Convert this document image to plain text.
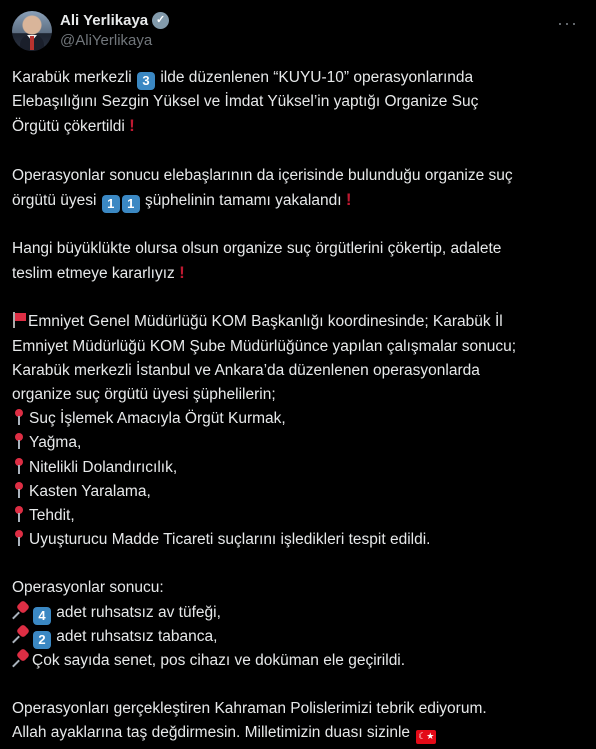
Ali Yerlikaya ✓
@AliYerlikaya
···

Karabük merkezli 3 ilde düzenlenen “KUYU-10” operasyonlarında
Elebaşılığını Sezgin Yüksel ve İmdat Yüksel’in yaptığı Organize Suç
Örgütü çökertildi !

Operasyonlar sonucu elebaşlarının da içerisinde bulunduğu organize suç
örgütü üyesi 1 1 şüphelinin tamamı yakalandı !

Hangi büyüklükte olursa olsun organize suç örgütlerini çökertip, adalete
teslim etmeye kararlıyız !

Emniyet Genel Müdürlüğü KOM Başkanlığı koordinesinde; Karabük İl
Emniyet Müdürlüğü KOM Şube Müdürlüğünce yapılan çalışmalar sonucu;
Karabük merkezli İstanbul ve Ankara’da düzenlenen operasyonlarda
organize suç örgütü üyesi şüphelilerin;
Suç İşlemek Amacıyla Örgüt Kurmak,
Yağma,
Nitelikli Dolandırıcılık,
Kasten Yaralama,
Tehdit,
Uyuşturucu Madde Ticareti suçlarını işledikleri tespit edildi.

Operasyonlar sonucu:
4 adet ruhsatsız av tüfeği,
2 adet ruhsatsız tabanca,
Çok sayıda senet, pos cihazı ve doküman ele geçirildi.

Operasyonları gerçekleştiren Kahraman Polislerimizi tebrik ediyorum.
Allah ayaklarına taş değdirmesin. Milletimizin duası sizinle ☾★
